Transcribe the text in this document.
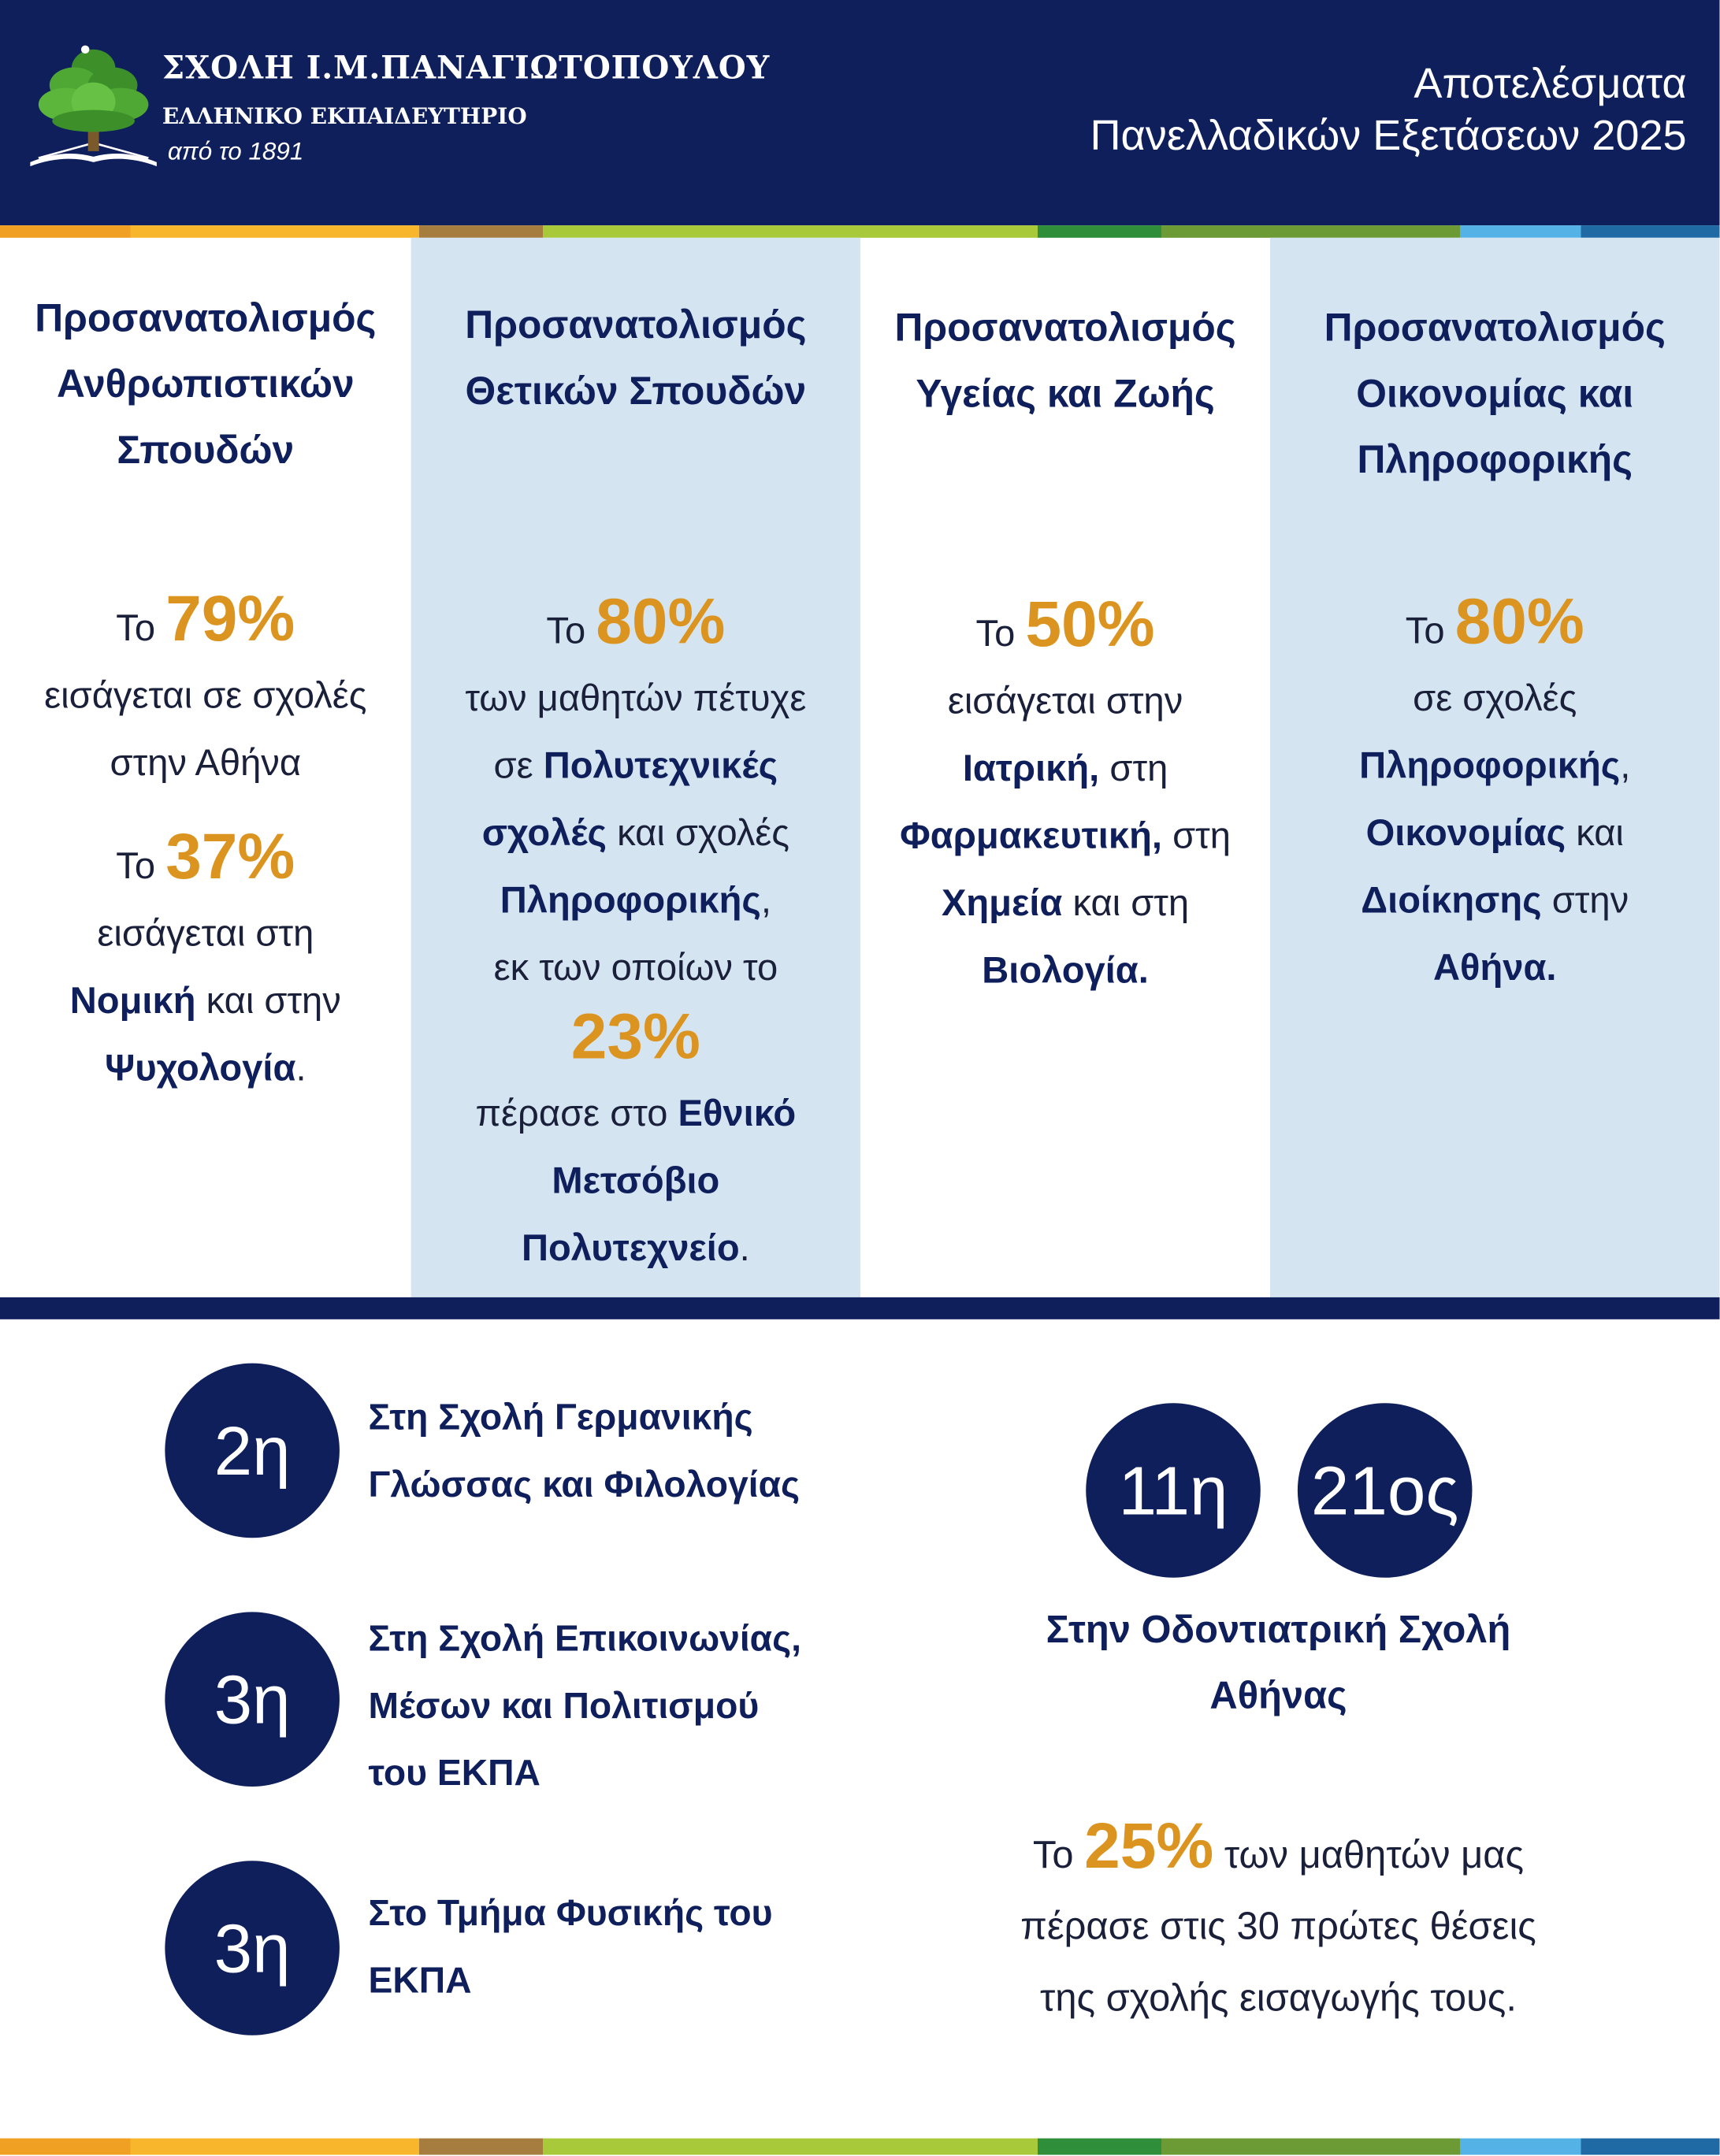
ΣΧΟΛΗ Ι.Μ.ΠΑΝΑΓΙΩΤΟΠΟΥΛΟΥ
ΕΛΛΗΝΙΚΟ ΕΚΠΑΙΔΕΥΤΗΡΙΟ
από το 1891
Αποτελέσματα
Πανελλαδικών Εξετάσεων 2025
Προσανατολισμός
Ανθρωπιστικών
Σπουδών
Το 79%
εισάγεται σε σχολές
στην Αθήνα
Το 37%
εισάγεται στη
Νομική και στην
Ψυχολογία.
Προσανατολισμός
Θετικών Σπουδών
Το 80%
των μαθητών πέτυχε
σε Πολυτεχνικές
σχολές και σχολές
Πληροφορικής,
εκ των οποίων το
23%
πέρασε στο Εθνικό
Μετσόβιο
Πολυτεχνείο.
Προσανατολισμός
Υγείας και Ζωής
Το 50%
εισάγεται στην
Ιατρική, στη
Φαρμακευτική, στη
Χημεία και στη
Βιολογία.
Προσανατολισμός
Οικονομίας και
Πληροφορικής
Το 80%
σε σχολές
Πληροφορικής,
Οικονομίας και
Διοίκησης στην
Αθήνα.
2η	Στη Σχολή Γερμανικής
Γλώσσας και Φιλολογίας
3η
Στη Σχολή Επικοινωνίας,
Μέσων και Πολιτισμού
του ΕΚΠΑ
3η	Στο Τμήμα Φυσικής του
ΕΚΠΑ
11η	21ος
Στην Οδοντιατρική Σχολή
Αθήνας
Το 25% των μαθητών μας
πέρασε στις 30 πρώτες θέσεις
της σχολής εισαγωγής τους.
